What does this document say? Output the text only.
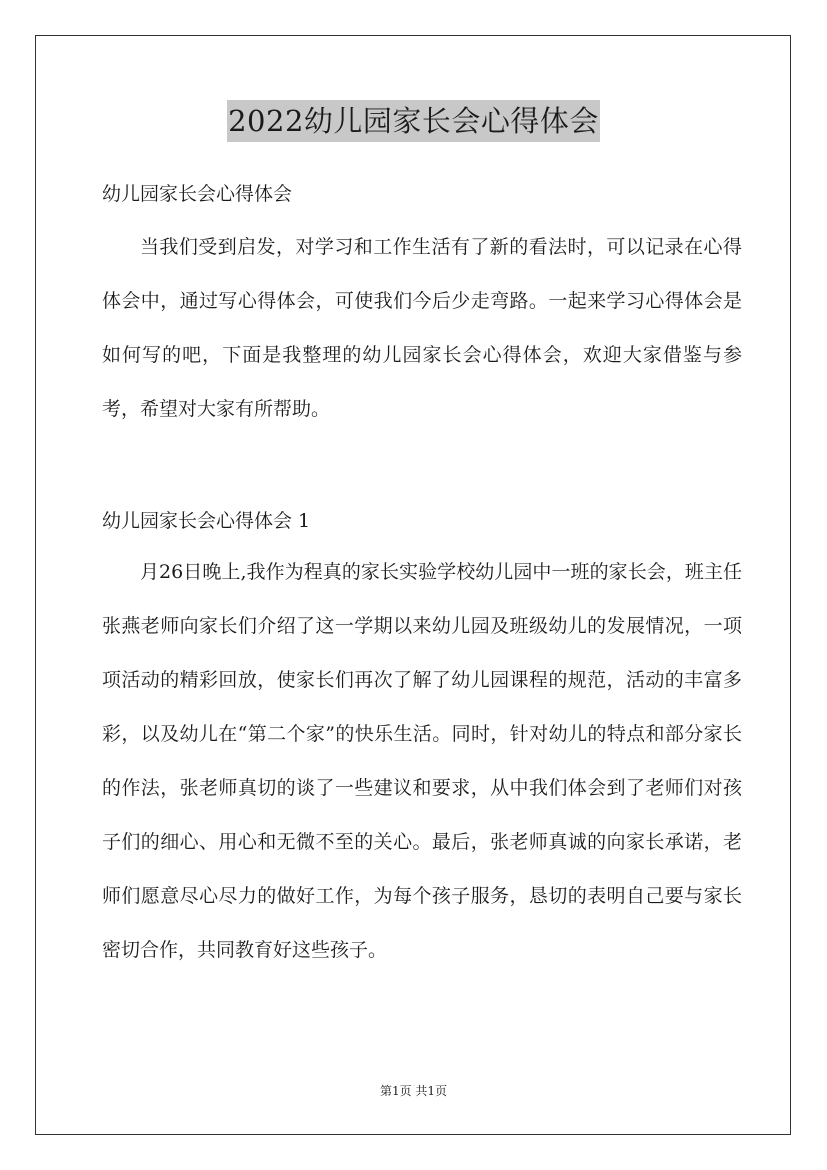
2022幼儿园家长会心得体会

幼儿园家长会心得体会

当我们受到启发，对学习和工作生活有了新的看法时，可以记录在心得体会中，通过写心得体会，可使我们今后少走弯路。一起来学习心得体会是如何写的吧，下面是我整理的幼儿园家长会心得体会，欢迎大家借鉴与参考，希望对大家有所帮助。

幼儿园家长会心得体会 1

月26日晚上,我作为程真的家长实验学校幼儿园中一班的家长会，班主任张燕老师向家长们介绍了这一学期以来幼儿园及班级幼儿的发展情况，一项项活动的精彩回放，使家长们再次了解了幼儿园课程的规范，活动的丰富多彩，以及幼儿在“第二个家”的快乐生活。同时，针对幼儿的特点和部分家长的作法，张老师真切的谈了一些建议和要求，从中我们体会到了老师们对孩子们的细心、用心和无微不至的关心。最后，张老师真诚的向家长承诺，老师们愿意尽心尽力的做好工作，为每个孩子服务，恳切的表明自己要与家长密切合作，共同教育好这些孩子。

第1页 共1页
